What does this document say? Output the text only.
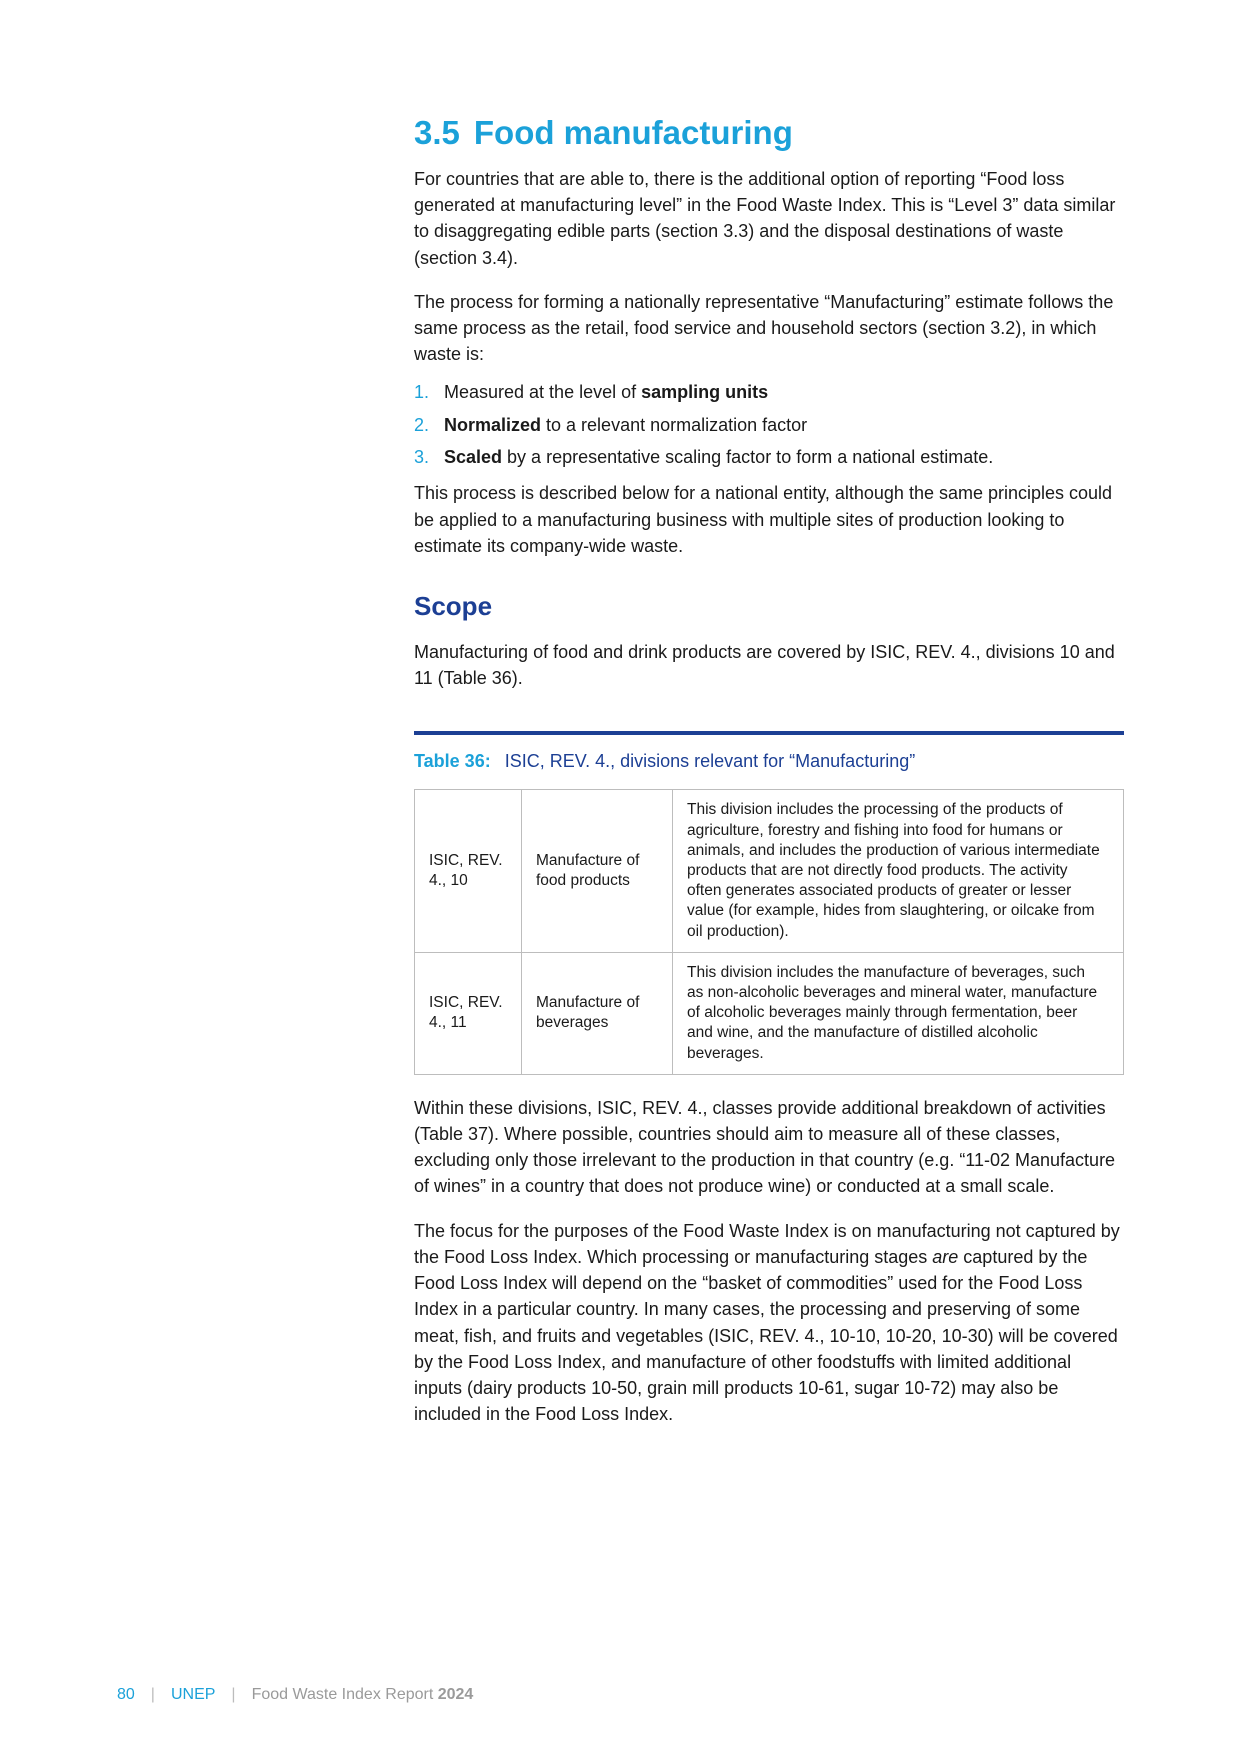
3.5 Food manufacturing

For countries that are able to, there is the additional option of reporting “Food loss generated at manufacturing level” in the Food Waste Index. This is “Level 3” data similar to disaggregating edible parts (section 3.3) and the disposal destinations of waste (section 3.4).

The process for forming a nationally representative “Manufacturing” estimate follows the same process as the retail, food service and household sectors (section 3.2), in which waste is:

1. Measured at the level of sampling units
2. Normalized to a relevant normalization factor
3. Scaled by a representative scaling factor to form a national estimate.

This process is described below for a national entity, although the same principles could be applied to a manufacturing business with multiple sites of production looking to estimate its company-wide waste.

Scope

Manufacturing of food and drink products are covered by ISIC, REV. 4., divisions 10 and 11 (Table 36).

Table 36: ISIC, REV. 4., divisions relevant for “Manufacturing”
ISIC, REV. 4., 10	Manufacture of food products	This division includes the processing of the products of agriculture, forestry and fishing into food for humans or animals, and includes the production of various intermediate products that are not directly food products. The activity often generates associated products of greater or lesser value (for example, hides from slaughtering, or oilcake from oil production).
ISIC, REV. 4., 11	Manufacture of beverages	This division includes the manufacture of beverages, such as non-alcoholic beverages and mineral water, manufacture of alcoholic beverages mainly through fermentation, beer and wine, and the manufacture of distilled alcoholic beverages.

Within these divisions, ISIC, REV. 4., classes provide additional breakdown of activities (Table 37). Where possible, countries should aim to measure all of these classes, excluding only those irrelevant to the production in that country (e.g. “11-02 Manufacture of wines” in a country that does not produce wine) or conducted at a small scale.

The focus for the purposes of the Food Waste Index is on manufacturing not captured by the Food Loss Index. Which processing or manufacturing stages are captured by the Food Loss Index will depend on the “basket of commodities” used for the Food Loss Index in a particular country. In many cases, the processing and preserving of some meat, fish, and fruits and vegetables (ISIC, REV. 4., 10-10, 10-20, 10-30) will be covered by the Food Loss Index, and manufacture of other foodstuffs with limited additional inputs (dairy products 10-50, grain mill products 10-61, sugar 10-72) may also be included in the Food Loss Index.

80 | UNEP | Food Waste Index Report 2024
